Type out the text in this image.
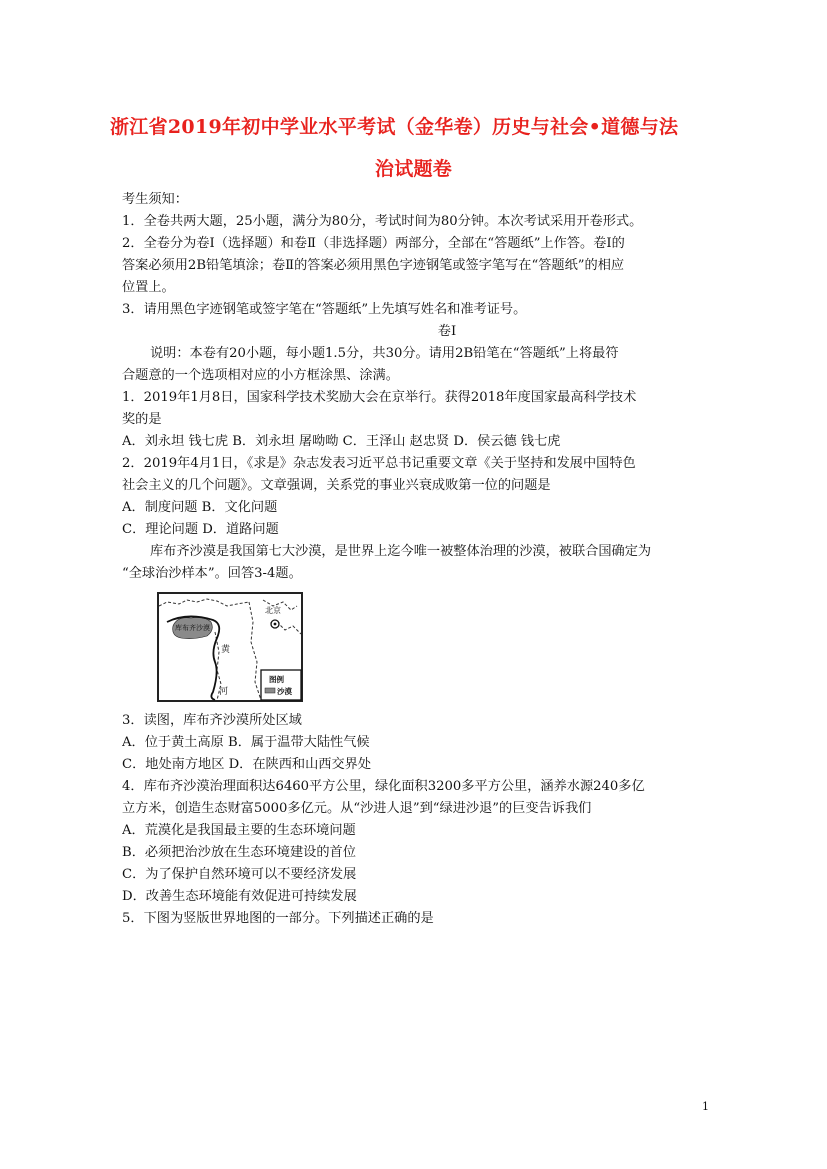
浙江省2019年初中学业水平考试（金华卷）历史与社会•道德与法
治试题卷
考生须知：
1．全卷共两大题，25小题，满分为80分，考试时间为80分钟。本次考试采用开卷形式。
2．全卷分为卷Ⅰ（选择题）和卷Ⅱ（非选择题）两部分，全部在“答题纸”上作答。卷Ⅰ的
答案必须用2B铅笔填涂；卷Ⅱ的答案必须用黑色字迹钢笔或签字笔写在“答题纸”的相应
位置上。
3．请用黑色字迹钢笔或签字笔在“答题纸”上先填写姓名和准考证号。
卷Ⅰ
说明：本卷有20小题，每小题1.5分，共30分。请用2B铅笔在“答题纸”上将最符
合题意的一个选项相对应的小方框涂黑、涂满。
1．2019年1月8日，国家科学技术奖励大会在京举行。获得2018年度国家最高科学技术
奖的是
A．刘永坦 钱七虎 B．刘永坦 屠呦呦 C．王泽山 赵忠贤 D．侯云德 钱七虎
2．2019年4月1日，《求是》杂志发表习近平总书记重要文章《关于坚持和发展中国特色
社会主义的几个问题》。文章强调，关系党的事业兴衰成败第一位的问题是
A．制度问题 B．文化问题
C．理论问题 D．道路问题
库布齐沙漠是我国第七大沙漠，是世界上迄今唯一被整体治理的沙漠，被联合国确定为
“全球治沙样本”。回答3-4题。
北京
库布齐沙漠
黄
河
图例
沙漠
3．读图，库布齐沙漠所处区域
A．位于黄土高原 B．属于温带大陆性气候
C．地处南方地区 D．在陕西和山西交界处
4．库布齐沙漠治理面积达6460平方公里，绿化面积3200多平方公里，涵养水源240多亿
立方米，创造生态财富5000多亿元。从“沙进人退”到“绿进沙退”的巨变告诉我们
A．荒漠化是我国最主要的生态环境问题
B．必须把治沙放在生态环境建设的首位
C．为了保护自然环境可以不要经济发展
D．改善生态环境能有效促进可持续发展
5．下图为竖版世界地图的一部分。下列描述正确的是
1
